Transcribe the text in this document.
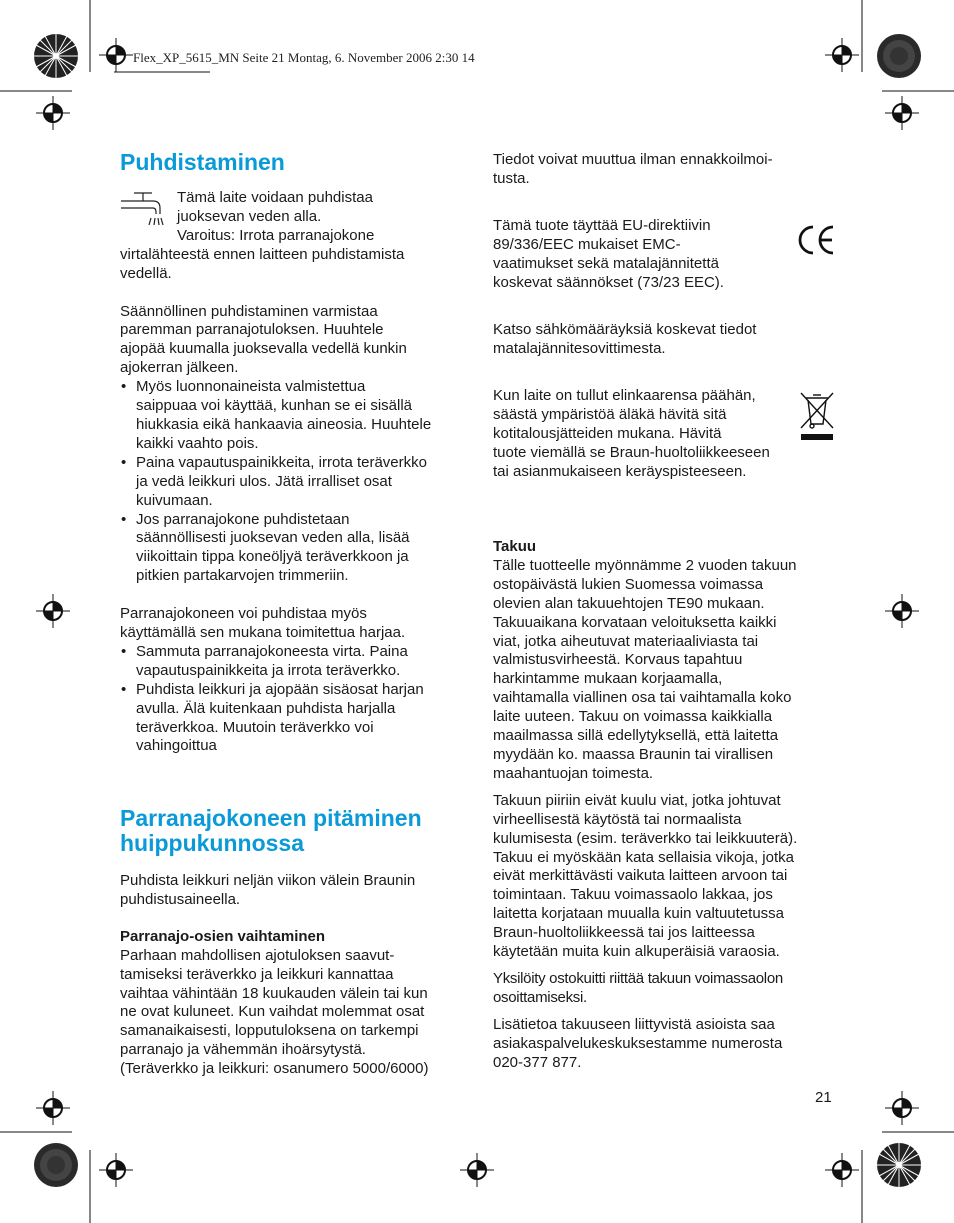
Flex_XP_5615_MN Seite 21 Montag, 6. November 2006 2:30 14
Puhdistaminen

Tämä laite voidaan puhdistaa

juoksevan veden alla.

Varoitus: Irrota parranajokone

virtalähteestä ennen laitteen puhdistamista

vedellä.

Säännöllinen puhdistaminen varmistaa

paremman parranajotuloksen. Huuhtele

ajopää kuumalla juoksevalla vedellä kunkin

ajokerran jälkeen.

• Myös luonnonaineista valmistettua

saippuaa voi käyttää, kunhan se ei sisällä

hiukkasia eikä hankaavia aineosia. Huuhtele

kaikki vaahto pois.

• Paina vapautuspainikkeita, irrota teräverkko

ja vedä leikkuri ulos. Jätä irralliset osat

kuivumaan.

• Jos parranajokone puhdistetaan

säännöllisesti juoksevan veden alla, lisää

viikoittain tippa koneöljyä teräverkkoon ja

pitkien partakarvojen trimmeriin.

Parranajokoneen voi puhdistaa myös

käyttämällä sen mukana toimitettua harjaa.

• Sammuta parranajokoneesta virta. Paina

vapautuspainikkeita ja irrota teräverkko.

• Puhdista leikkuri ja ajopään sisäosat harjan

avulla. Älä kuitenkaan puhdista harjalla

teräverkkoa. Muutoin teräverkko voi

vahingoittua

Parranajokoneen pitäminen
huippukunnossa

Puhdista leikkuri neljän viikon välein Braunin

puhdistusaineella.

Parranajo-osien vaihtaminen

Parhaan mahdollisen ajotuloksen saavut-

tamiseksi teräverkko ja leikkuri kannattaa

vaihtaa vähintään 18 kuukauden välein tai kun

ne ovat kuluneet. Kun vaihdat molemmat osat

samanaikaisesti, lopputuloksena on tarkempi

parranajo ja vähemmän ihoärsytystä.

(Teräverkko ja leikkuri: osanumero 5000/6000)

Tiedot voivat muuttua ilman ennakkoilmoi-

tusta.

Tämä tuote täyttää EU-direktiivin

89/336/EEC mukaiset EMC-

vaatimukset sekä matalajännitettä

koskevat säännökset (73/23 EEC).

Katso sähkömääräyksiä koskevat tiedot

matalajännitesovittimesta.

Kun laite on tullut elinkaarensa päähän,

säästä ympäristöä äläkä hävitä sitä

kotitalousjätteiden mukana. Hävitä

tuote viemällä se Braun-huoltoliikkeeseen

tai asianmukaiseen keräyspisteeseen.

Takuu

Tälle tuotteelle myönnämme 2 vuoden takuun

ostopäivästä lukien Suomessa voimassa

olevien alan takuuehtojen TE90 mukaan.

Takuuaikana korvataan veloituksetta kaikki

viat, jotka aiheutuvat materiaaliviasta tai

valmistusvirheestä. Korvaus tapahtuu

harkintamme mukaan korjaamalla,

vaihtamalla viallinen osa tai vaihtamalla koko

laite uuteen. Takuu on voimassa kaikkialla

maailmassa sillä edellytyksellä, että laitetta

myydään ko. maassa Braunin tai virallisen

maahantuojan toimesta.

Takuun piiriin eivät kuulu viat, jotka johtuvat

virheellisestä käytöstä tai normaalista

kulumisesta (esim. teräverkko tai leikkuuterä).

Takuu ei myöskään kata sellaisia vikoja, jotka

eivät merkittävästi vaikuta laitteen arvoon tai

toimintaan. Takuu voimassaolo lakkaa, jos

laitetta korjataan muualla kuin valtuutetussa

Braun-huoltoliikkeessä tai jos laitteessa

käytetään muita kuin alkuperäisiä varaosia.

Yksilöity ostokuitti riittää takuun voimassaolon

osoittamiseksi.

Lisätietoa takuuseen liittyvistä asioista saa

asiakaspalvelukeskuksestamme numerosta

020-377 877.

21
